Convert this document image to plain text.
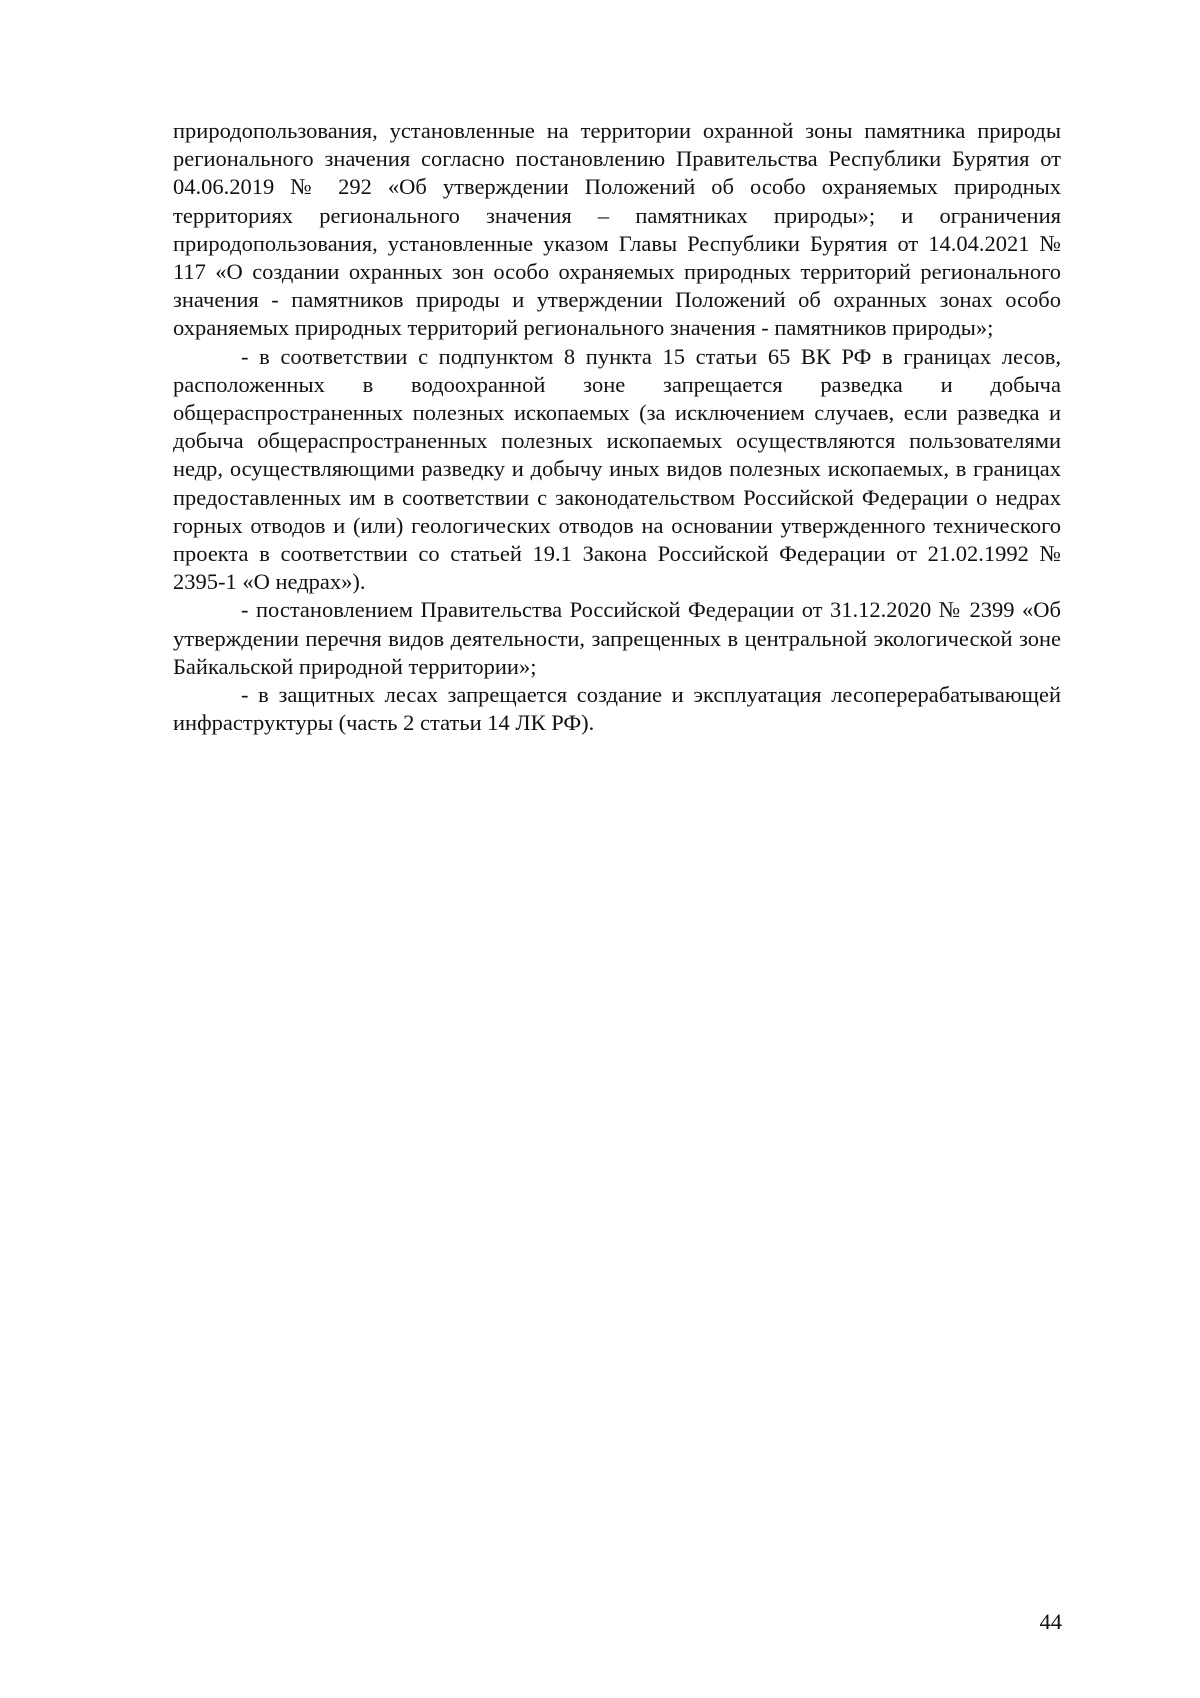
природопользования, установленные на территории охранной зоны памятника природы регионального значения согласно постановлению Правительства Республики Бурятия от 04.06.2019 № 292 «Об утверждении Положений об особо охраняемых природных территориях регионального значения – памятниках природы»; и ограничения природопользования, установленные указом Главы Республики Бурятия от 14.04.2021 № 117 «О создании охранных зон особо охраняемых природных территорий регионального значения - памятников природы и утверждении Положений об охранных зонах особо охраняемых природных территорий регионального значения - памятников природы»;

- в соответствии с подпунктом 8 пункта 15 статьи 65 ВК РФ в границах лесов, расположенных в водоохранной зоне запрещается разведка и добыча общераспространенных полезных ископаемых (за исключением случаев, если разведка и добыча общераспространенных полезных ископаемых осуществляются пользователями недр, осуществляющими разведку и добычу иных видов полезных ископаемых, в границах предоставленных им в соответствии с законодательством Российской Федерации о недрах горных отводов и (или) геологических отводов на основании утвержденного технического проекта в соответствии со статьей 19.1 Закона Российской Федерации от 21.02.1992 № 2395-1 «О недрах»).

- постановлением Правительства Российской Федерации от 31.12.2020 № 2399 «Об утверждении перечня видов деятельности, запрещенных в центральной экологической зоне Байкальской природной территории»;

- в защитных лесах запрещается создание и эксплуатация лесоперерабатывающей инфраструктуры (часть 2 статьи 14 ЛК РФ).

44
